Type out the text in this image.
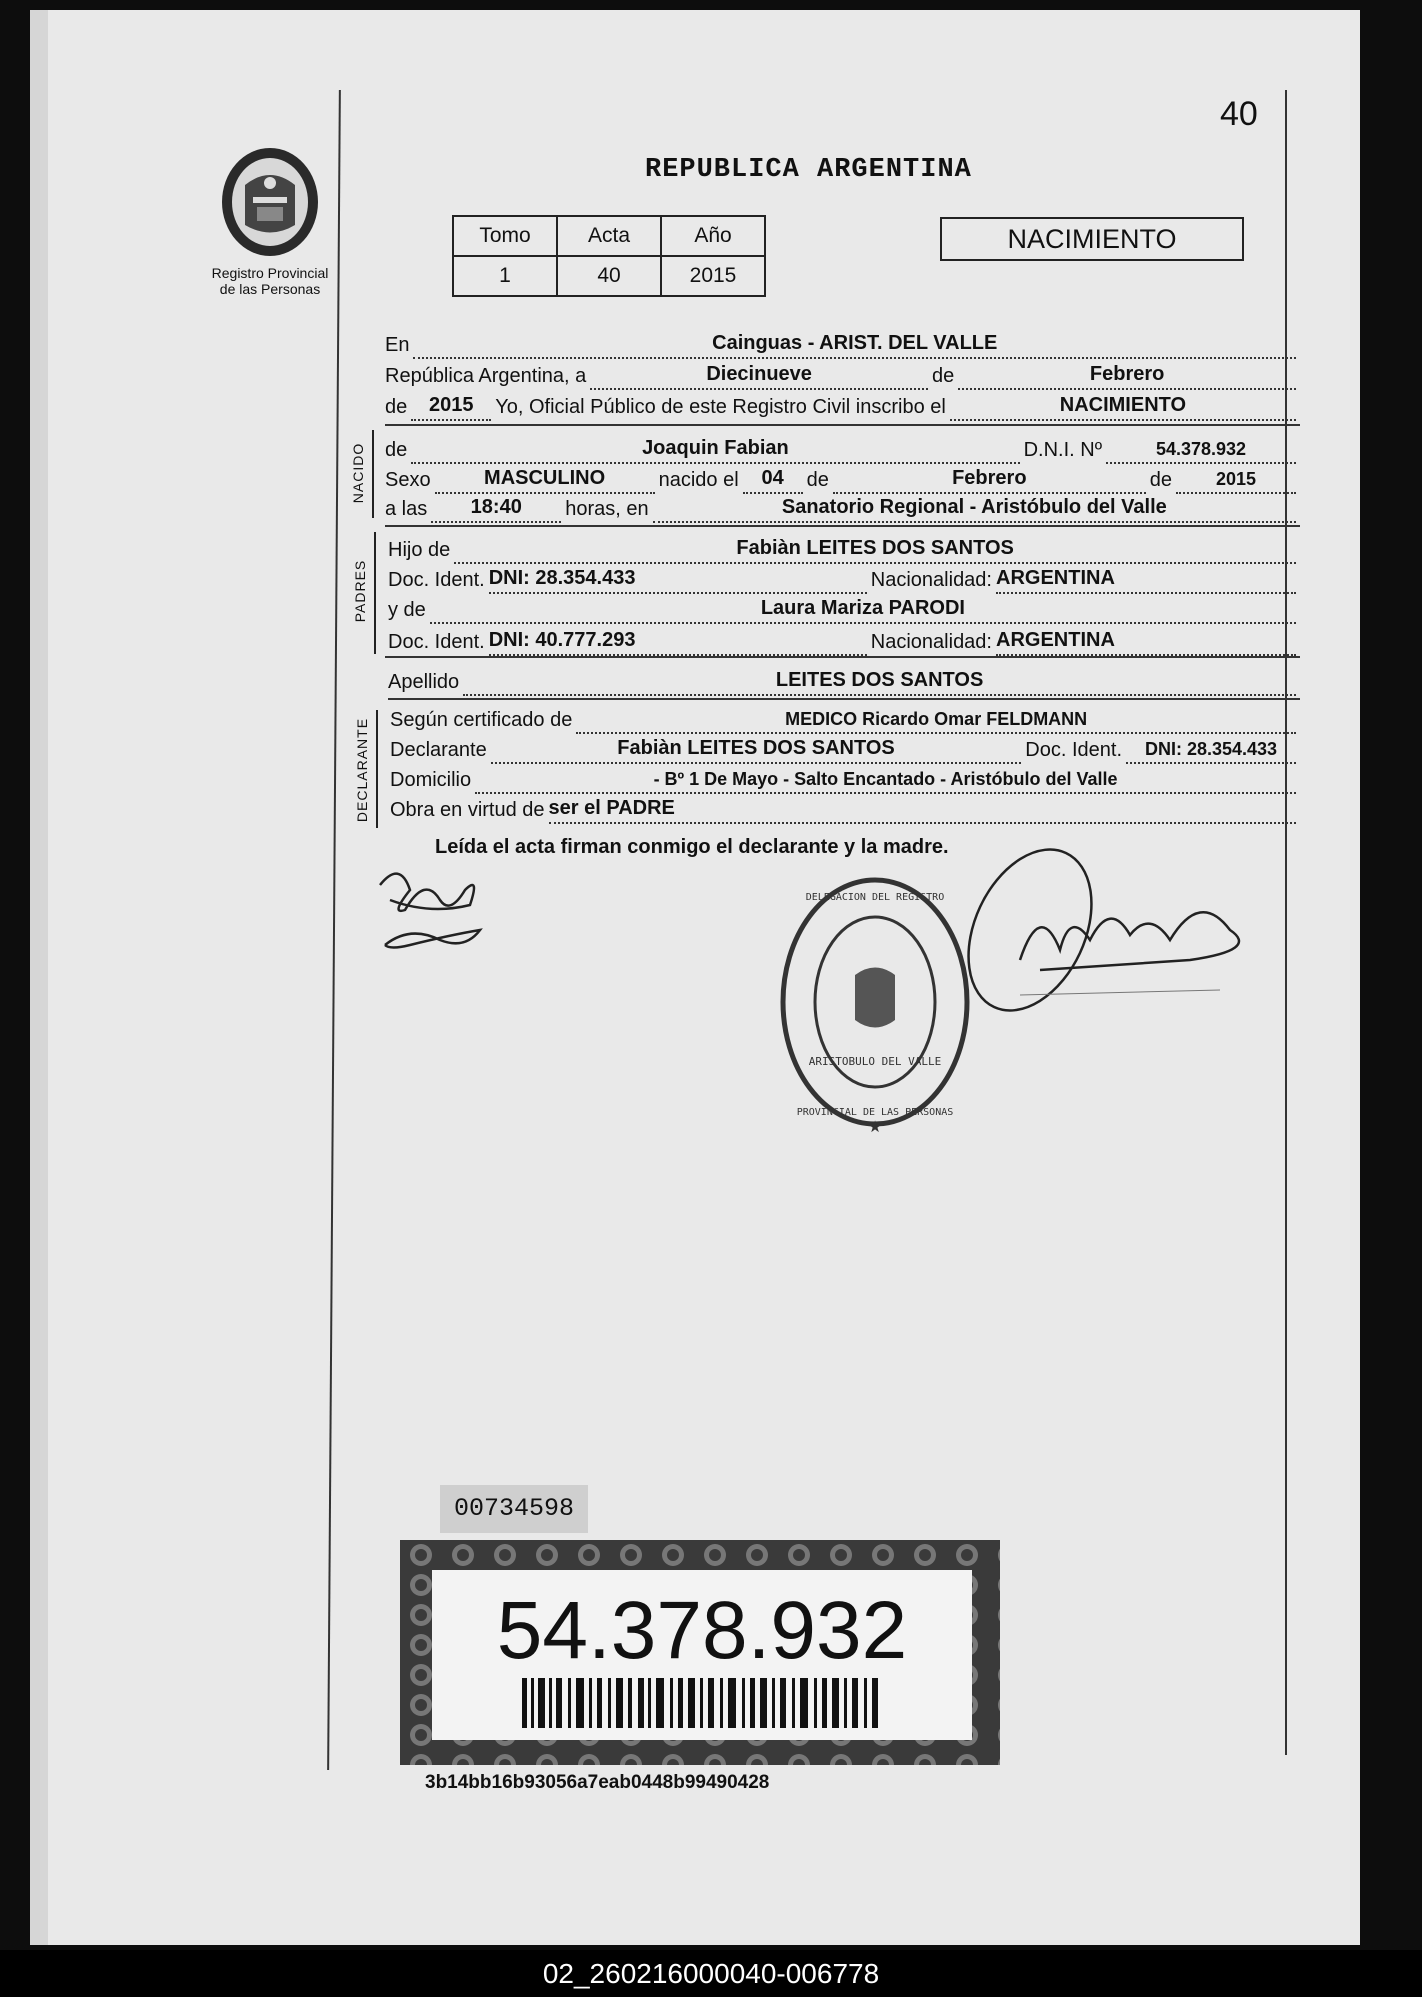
40
Registro Provincial
de las Personas
REPUBLICA ARGENTINA
Tomo	Acta	Año
1	40	2015
NACIMIENTO
En	Cainguas - ARIST. DEL VALLE
República Argentina, a	Diecinueve	de	Febrero
de	2015	Yo, Oficial Público de este Registro Civil inscribo el	NACIMIENTO
NACIDO de	Joaquin Fabian	D.N.I. Nº	54.378.932
Sexo	MASCULINO	nacido el	04	de	Febrero	de	2015
a las	18:40	horas, en	Sanatorio Regional - Aristóbulo del Valle
PADRES
Hijo de	Fabiàn LEITES DOS SANTOS
Doc. Ident. DNI: 28.354.433	Nacionalidad: ARGENTINA
y de	Laura Mariza PARODI
Doc. Ident. DNI: 40.777.293	Nacionalidad: ARGENTINA
Apellido	LEITES DOS SANTOS
DECLARANTE Según certificado de	MEDICO Ricardo Omar FELDMANN
Declarante	Fabiàn LEITES DOS SANTOS	Doc. Ident.	DNI: 28.354.433
Domicilio	- Bº 1 De Mayo - Salto Encantado - Aristóbulo del Valle
Obra en virtud de ser el PADRE
Leída el acta firman conmigo el declarante y la madre.
DELEGACION DEL REGISTRO
PROVINCIAL DE LAS PERSONAS
ARISTOBULO DEL VALLE
★
00734598
54.378.932
3b14bb16b93056a7eab0448b99490428
02_260216000040-006778
